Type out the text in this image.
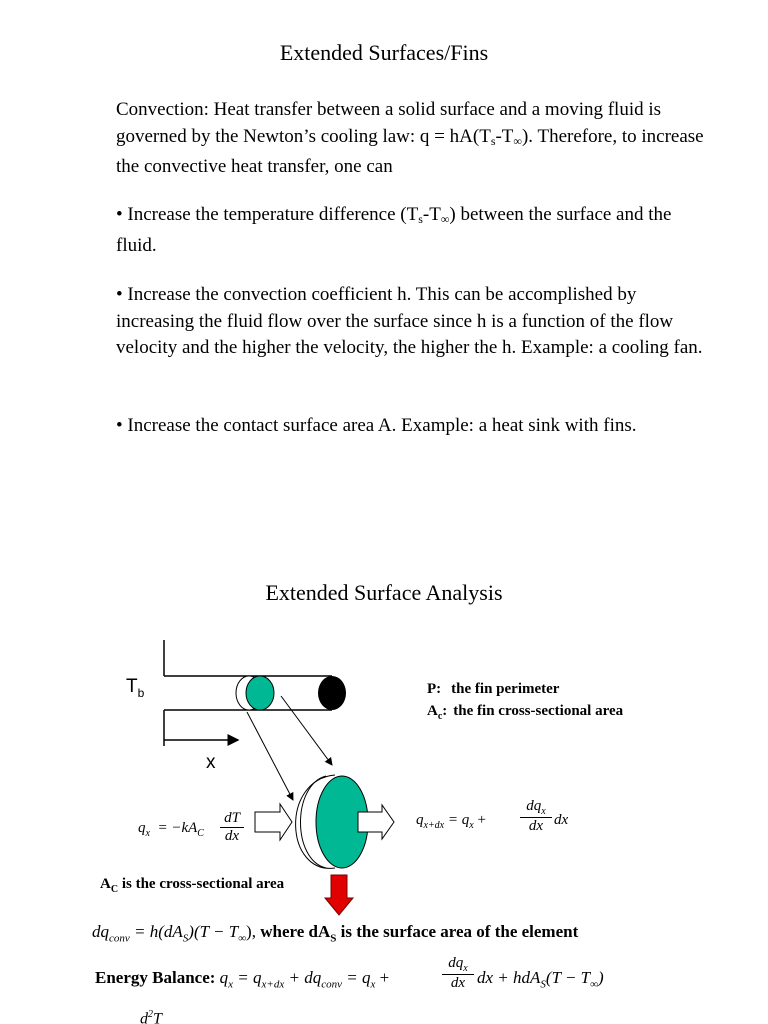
Extended Surfaces/Fins
Convection: Heat transfer between a solid surface and a moving fluid is governed by the Newton’s cooling law: $q = hA(T_s-T_\infty)$. Therefore, to increase the convective heat transfer, one can
• Increase the temperature difference $(T_s-T_\infty)$ between the surface and the fluid.
• Increase the convection coefficient h. This can be accomplished by increasing the fluid flow over the surface since h is a function of the flow velocity and the higher the velocity, the higher the h. Example: a cooling fan.
• Increase the contact surface area A. Example: a heat sink with fins.
Extended Surface Analysis
$T_b$
x
P: the fin perimeter
$A_c$: the fin cross-sectional area
$q_x = -kA_C$
dT
dx
$q_{x+dx} = q_x$ +
$dq_x$
dx dx
$A_C$ is the cross-sectional area
$dq_{conv} = h(dA_S)(T - T_\infty)$, where $dA_S$ is the surface area of the element
Energy Balance: $q_x = q_{x+dx} + dq_{conv} = q_x$ +
$dq_x$
dx dx + $hdA_S(T - T_\infty)$
$d^2T$
